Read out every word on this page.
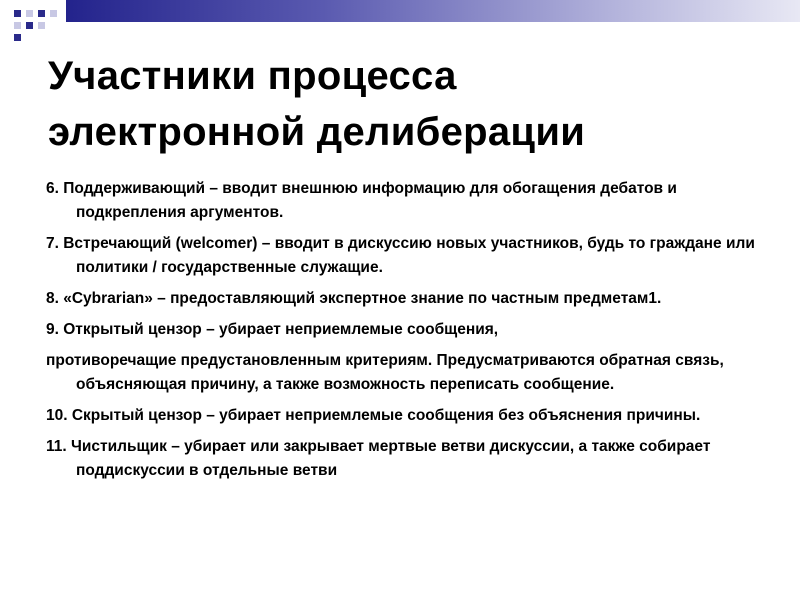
Участники процесса
электронной делиберации
6. Поддерживающий – вводит внешнюю информацию для обогащения дебатов и подкрепления аргументов.
7. Встречающий (welcomer) – вводит в дискуссию новых участников, будь то граждане или политики / государственные служащие.
8. «Cybrarian» – предоставляющий экспертное знание по частным предметам1.
9. Открытый цензор – убирает неприемлемые сообщения,
противоречащие предустановленным критериям. Предусматриваются обратная связь, объясняющая причину, а также возможность переписать сообщение.
10. Скрытый цензор – убирает неприемлемые сообщения без объяснения причины.
11. Чистильщик – убирает или закрывает мертвые ветви дискуссии, а также собирает поддискуссии в отдельные ветви
